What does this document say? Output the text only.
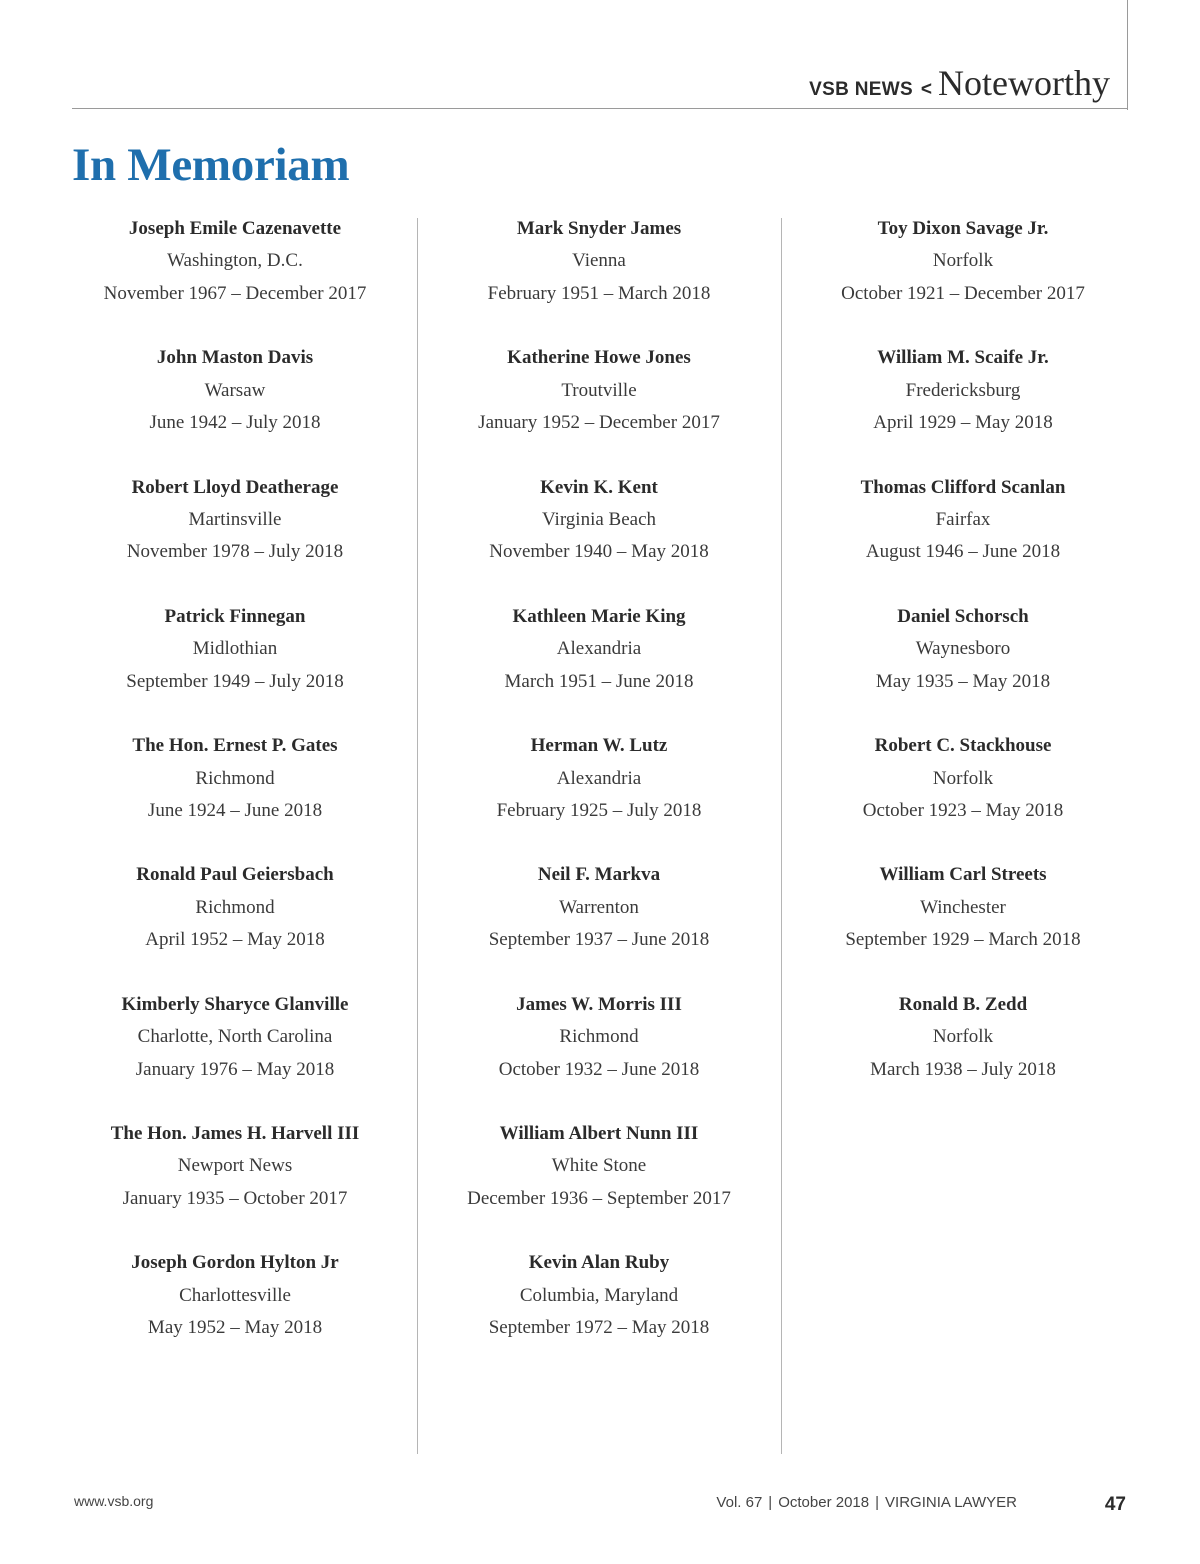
VSB NEWS < Noteworthy
In Memoriam
Joseph Emile Cazenavette
Washington, D.C.
November 1967 – December 2017
John Maston Davis
Warsaw
June 1942 – July 2018
Robert Lloyd Deatherage
Martinsville
November 1978 – July 2018
Patrick Finnegan
Midlothian
September 1949 – July 2018
The Hon. Ernest P. Gates
Richmond
June 1924 – June 2018
Ronald Paul Geiersbach
Richmond
April 1952 – May 2018
Kimberly Sharyce Glanville
Charlotte, North Carolina
January 1976 – May 2018
The Hon. James H. Harvell III
Newport News
January 1935 – October 2017
Joseph Gordon Hylton Jr
Charlottesville
May 1952 – May 2018
Mark Snyder James
Vienna
February 1951 – March 2018
Katherine Howe Jones
Troutville
January 1952 – December 2017
Kevin K. Kent
Virginia Beach
November 1940 – May 2018
Kathleen Marie King
Alexandria
March 1951 – June 2018
Herman W. Lutz
Alexandria
February 1925 – July 2018
Neil F. Markva
Warrenton
September 1937 – June 2018
James W. Morris III
Richmond
October 1932 – June 2018
William Albert Nunn III
White Stone
December 1936 – September 2017
Kevin Alan Ruby
Columbia, Maryland
September 1972 – May 2018
Toy Dixon Savage Jr.
Norfolk
October 1921 – December 2017
William M. Scaife Jr.
Fredericksburg
April 1929 – May 2018
Thomas Clifford Scanlan
Fairfax
August 1946 – June 2018
Daniel Schorsch
Waynesboro
May 1935 – May 2018
Robert C. Stackhouse
Norfolk
October 1923 – May 2018
William Carl Streets
Winchester
September 1929 – March 2018
Ronald B. Zedd
Norfolk
March 1938 – July 2018
www.vsb.org	Vol. 67 | October 2018 | VIRGINIA LAWYER	47
